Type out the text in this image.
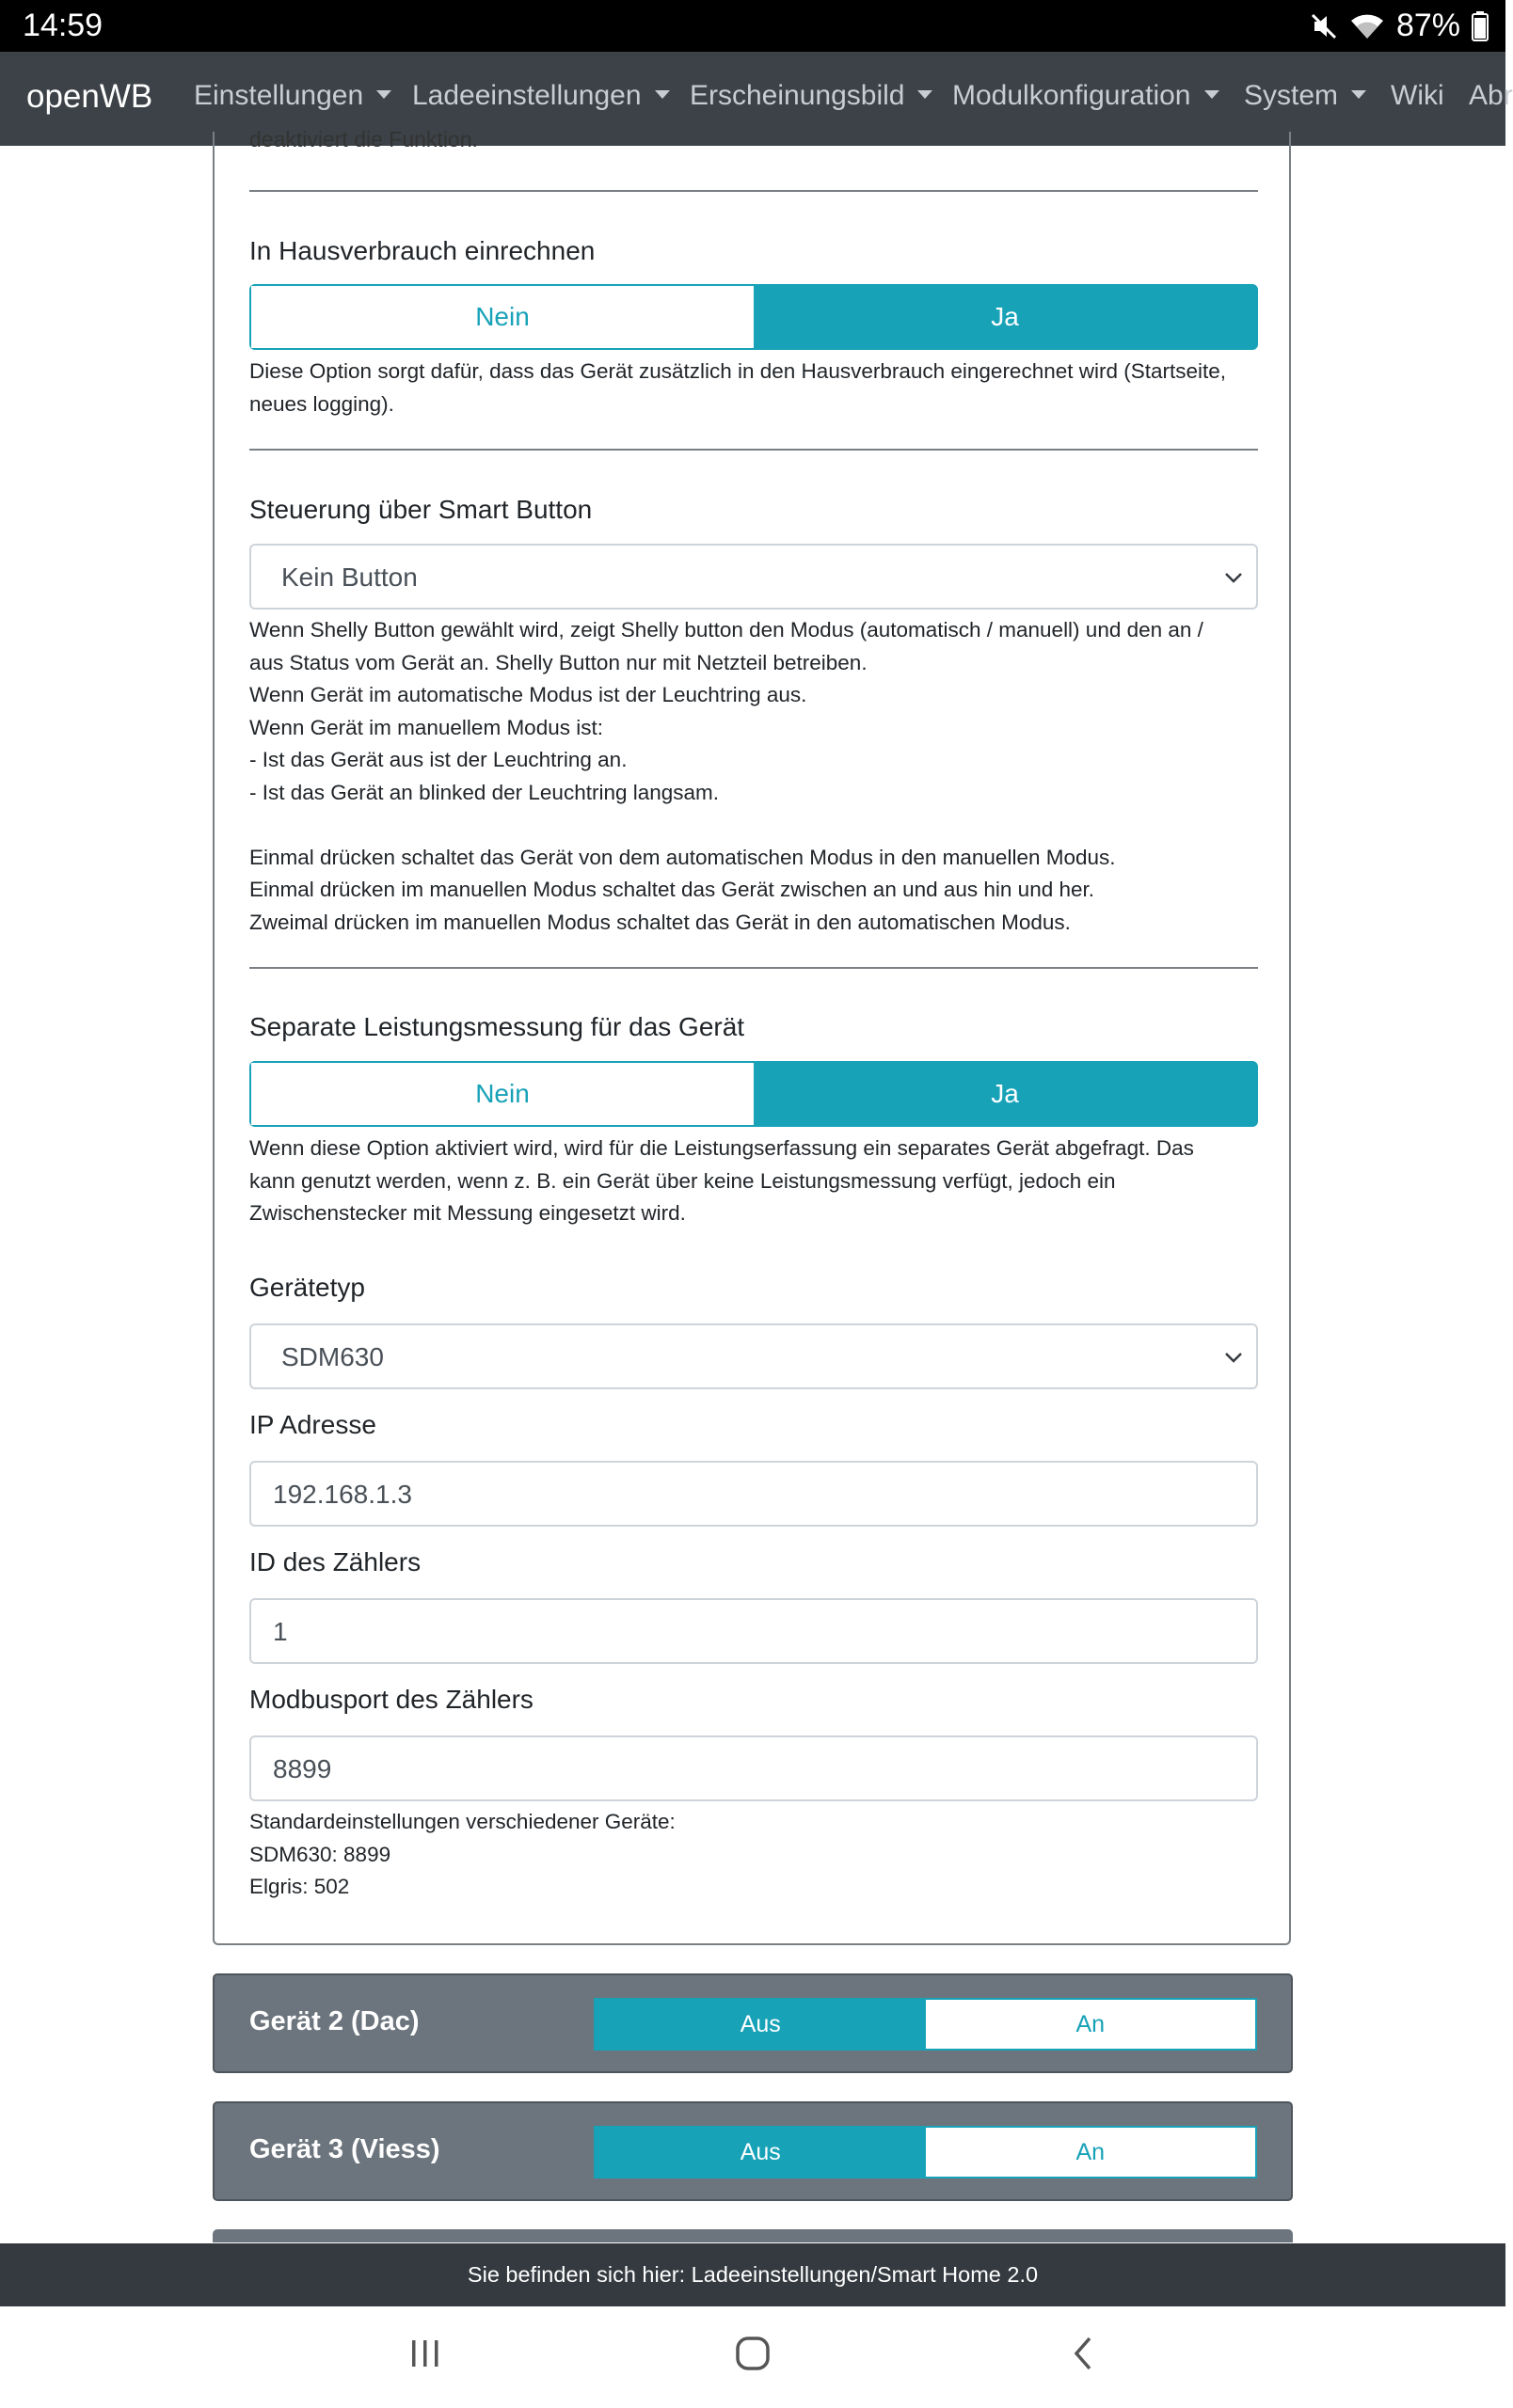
14:59	87%
openWB Einstellungen	Ladeeinstellungen	Erscheinungsbild	Modulkonfiguration	System	Wiki Abr
deaktiviert die Funktion.
In Hausverbrauch einrechnen
Nein	Ja
Diese Option sorgt dafür, dass das Gerät zusätzlich in den Hausverbrauch eingerechnet wird (Startseite, neues logging).
Steuerung über Smart Button
Kein Button
Wenn Shelly Button gewählt wird, zeigt Shelly button den Modus (automatisch / manuell) und den an /
aus Status vom Gerät an. Shelly Button nur mit Netzteil betreiben.
Wenn Gerät im automatische Modus ist der Leuchtring aus.
Wenn Gerät im manuellem Modus ist:
- Ist das Gerät aus ist der Leuchtring an.
- Ist das Gerät an blinked der Leuchtring langsam.
Einmal drücken schaltet das Gerät von dem automatischen Modus in den manuellen Modus.
Einmal drücken im manuellen Modus schaltet das Gerät zwischen an und aus hin und her.
Zweimal drücken im manuellen Modus schaltet das Gerät in den automatischen Modus.
Separate Leistungsmessung für das Gerät
Nein	Ja
Wenn diese Option aktiviert wird, wird für die Leistungserfassung ein separates Gerät abgefragt. Das
kann genutzt werden, wenn z. B. ein Gerät über keine Leistungsmessung verfügt, jedoch ein
Zwischenstecker mit Messung eingesetzt wird.
Gerätetyp
SDM630
IP Adresse
192.168.1.3
ID des Zählers
1
Modbusport des Zählers
8899
Standardeinstellungen verschiedener Geräte:
SDM630: 8899
Elgris: 502
Gerät 2 (Dac)	Aus	An
Gerät 3 (Viess)	Aus	An
Sie befinden sich hier: Ladeeinstellungen/Smart Home 2.0
